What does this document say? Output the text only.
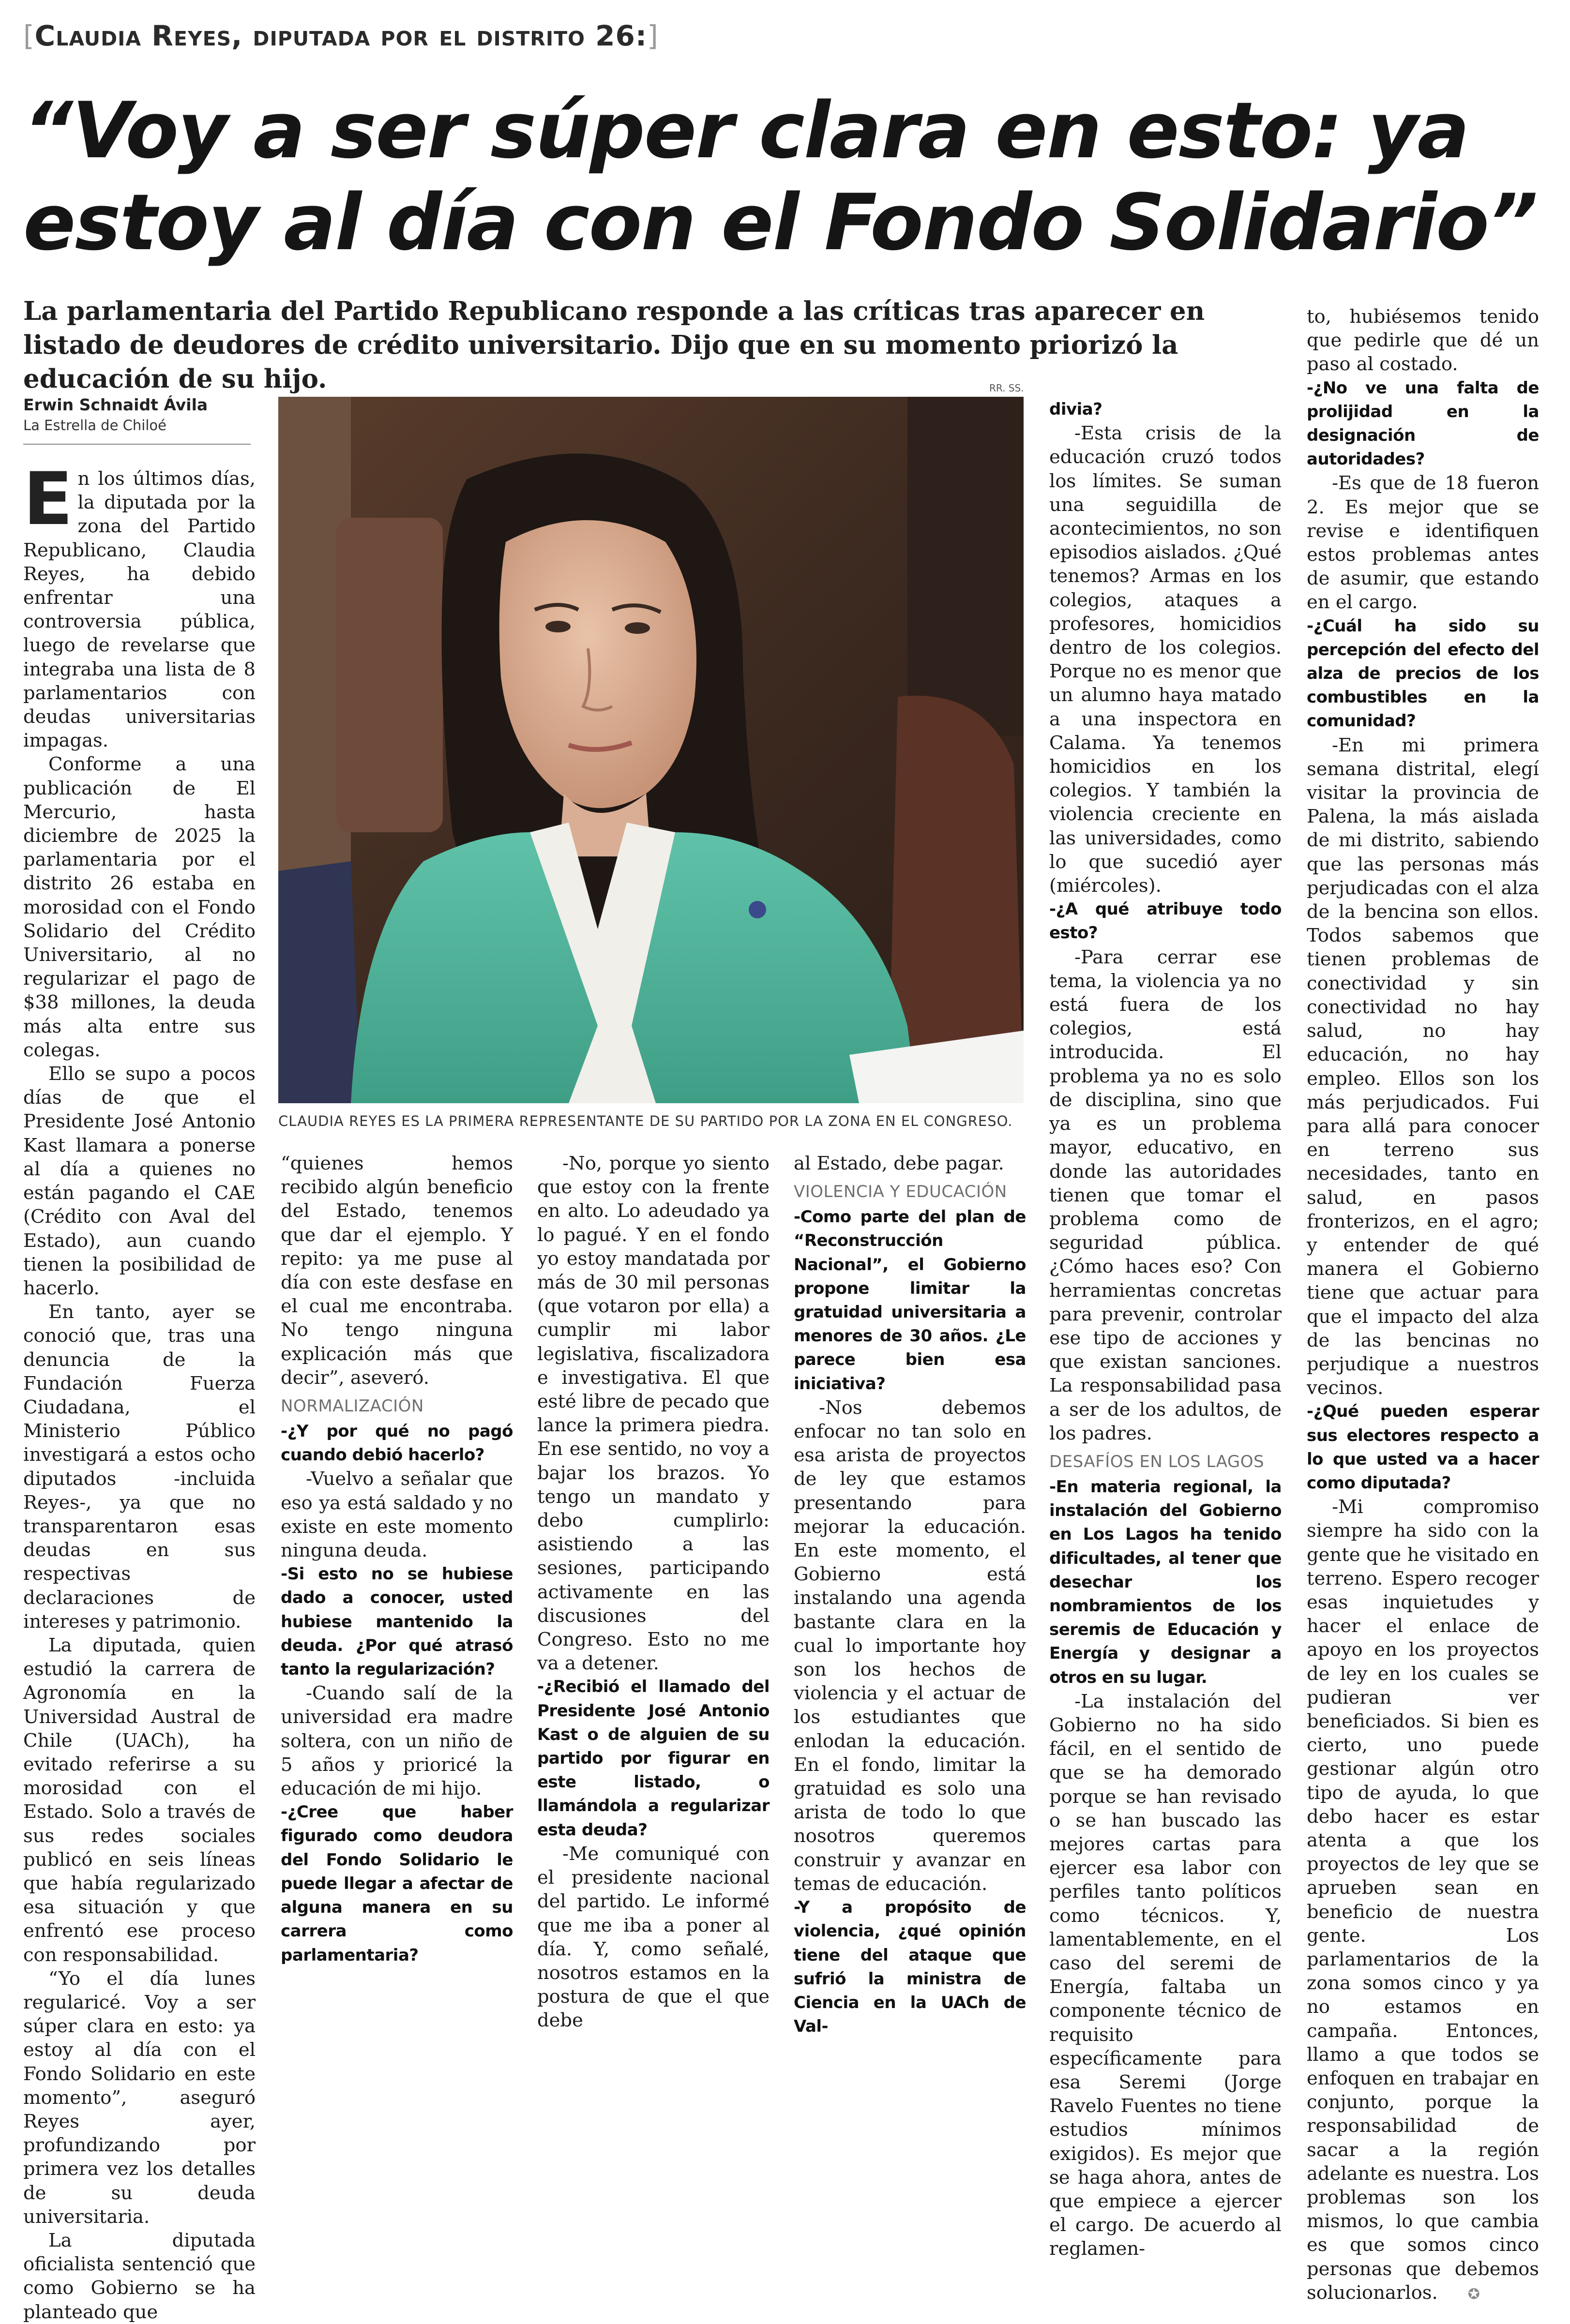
[Claudia Reyes, diputada por el distrito 26:]
“Voy a ser súper clara en esto: ya estoy al día con el Fondo Solidario”

La parlamentaria del Partido Republicano responde a las críticas tras aparecer en listado de deudores de crédito universitario. Dijo que en su momento priorizó la educación de su hijo.

Erwin Schnaidt Ávila
La Estrella de Chiloé
RR. SS.
CLAUDIA REYES ES LA PRIMERA REPRESENTANTE DE SU PARTIDO POR LA ZONA EN EL CONGRESO.

En los últimos días, la diputada por la zona del Partido Republicano, Claudia Reyes, ha debido enfrentar una controversia pública, luego de revelarse que integraba una lista de 8 parlamentarios con deudas universitarias impagas.

Conforme a una publicación de El Mercurio, hasta diciembre de 2025 la parlamentaria por el distrito 26 estaba en morosidad con el Fondo Solidario del Crédito Universitario, al no regularizar el pago de $38 millones, la deuda más alta entre sus colegas.

Ello se supo a pocos días de que el Presidente José Antonio Kast llamara a ponerse al día a quienes no están pagando el CAE (Crédito con Aval del Estado), aun cuando tienen la posibilidad de hacerlo.

En tanto, ayer se conoció que, tras una denuncia de la Fundación Fuerza Ciudadana, el Ministerio Público investigará a estos ocho diputados -incluida Reyes-, ya que no transparentaron esas deudas en sus respectivas declaraciones de intereses y patrimonio.

La diputada, quien estudió la carrera de Agronomía en la Universidad Austral de Chile (UACh), ha evitado referirse a su morosidad con el Estado. Solo a través de sus redes sociales publicó en seis líneas que había regularizado esa situación y que enfrentó ese proceso con responsabilidad.

“Yo el día lunes regularicé. Voy a ser súper clara en esto: ya estoy al día con el Fondo Solidario en este momento”, aseguró Reyes ayer, profundizando por primera vez los detalles de su deuda universitaria.

La diputada oficialista sentenció que como Gobierno se ha planteado que

“quienes hemos recibido algún beneficio del Estado, tenemos que dar el ejemplo. Y repito: ya me puse al día con este desfase en el cual me encontraba. No tengo ninguna explicación más que decir”, aseveró.

NORMALIZACIÓN

-¿Y por qué no pagó cuando debió hacerlo?

-Vuelvo a señalar que eso ya está saldado y no existe en este momento ninguna deuda.

-Si esto no se hubiese dado a conocer, usted hubiese mantenido la deuda. ¿Por qué atrasó tanto la regularización?

-Cuando salí de la universidad era madre soltera, con un niño de 5 años y prioricé la educación de mi hijo.

-¿Cree que haber figurado como deudora del Fondo Solidario le puede llegar a afectar de alguna manera en su carrera como parlamentaria?

-No, porque yo siento que estoy con la frente en alto. Lo adeudado ya lo pagué. Y en el fondo yo estoy mandatada por más de 30 mil personas (que votaron por ella) a cumplir mi labor legislativa, fiscalizadora e investigativa. El que esté libre de pecado que lance la primera piedra. En ese sentido, no voy a bajar los brazos. Yo tengo un mandato y debo cumplirlo: asistiendo a las sesiones, participando activamente en las discusiones del Congreso. Esto no me va a detener.

-¿Recibió el llamado del Presidente José Antonio Kast o de alguien de su partido por figurar en este listado, o llamándola a regularizar esta deuda?

-Me comuniqué con el presidente nacional del partido. Le informé que me iba a poner al día. Y, como señalé, nosotros estamos en la postura de que el que debe

al Estado, debe pagar.

VIOLENCIA Y EDUCACIÓN

-Como parte del plan de “Reconstrucción Nacional”, el Gobierno propone limitar la gratuidad universitaria a menores de 30 años. ¿Le parece bien esa iniciativa?

-Nos debemos enfocar no tan solo en esa arista de proyectos de ley que estamos presentando para mejorar la educación. En este momento, el Gobierno está instalando una agenda bastante clara en la cual lo importante hoy son los hechos de violencia y el actuar de los estudiantes que enlodan la educación. En el fondo, limitar la gratuidad es solo una arista de todo lo que nosotros queremos construir y avanzar en temas de educación.

-Y a propósito de violencia, ¿qué opinión tiene del ataque que sufrió la ministra de Ciencia en la UACh de Val-

divia?

-Esta crisis de la educación cruzó todos los límites. Se suman una seguidilla de acontecimientos, no son episodios aislados. ¿Qué tenemos? Armas en los colegios, ataques a profesores, homicidios dentro de los colegios. Porque no es menor que un alumno haya matado a una inspectora en Calama. Ya tenemos homicidios en los colegios. Y también la violencia creciente en las universidades, como lo que sucedió ayer (miércoles).

-¿A qué atribuye todo esto?

-Para cerrar ese tema, la violencia ya no está fuera de los colegios, está introducida. El problema ya no es solo de disciplina, sino que ya es un problema mayor, educativo, en donde las autoridades tienen que tomar el problema como de seguridad pública. ¿Cómo haces eso? Con herramientas concretas para prevenir, controlar ese tipo de acciones y que existan sanciones. La responsabilidad pasa a ser de los adultos, de los padres.

DESAFÍOS EN LOS LAGOS

-En materia regional, la instalación del Gobierno en Los Lagos ha tenido dificultades, al tener que desechar los nombramientos de los seremis de Educación y Energía y designar a otros en su lugar.

-La instalación del Gobierno no ha sido fácil, en el sentido de que se ha demorado porque se han revisado o se han buscado las mejores cartas para ejercer esa labor con perfiles tanto políticos como técnicos. Y, lamentablemente, en el caso del seremi de Energía, faltaba un componente técnico de requisito específicamente para esa Seremi (Jorge Ravelo Fuentes no tiene estudios mínimos exigidos). Es mejor que se haga ahora, antes de que empiece a ejercer el cargo. De acuerdo al reglamen-

to, hubiésemos tenido que pedirle que dé un paso al costado.

-¿No ve una falta de prolijidad en la designación de autoridades?

-Es que de 18 fueron 2. Es mejor que se revise e identifiquen estos problemas antes de asumir, que estando en el cargo.

-¿Cuál ha sido su percepción del efecto del alza de precios de los combustibles en la comunidad?

-En mi primera semana distrital, elegí visitar la provincia de Palena, la más aislada de mi distrito, sabiendo que las personas más perjudicadas con el alza de la bencina son ellos. Todos sabemos que tienen problemas de conectividad y sin conectividad no hay salud, no hay educación, no hay empleo. Ellos son los más perjudicados. Fui para allá para conocer en terreno sus necesidades, tanto en salud, en pasos fronterizos, en el agro; y entender de qué manera el Gobierno tiene que actuar para que el impacto del alza de las bencinas no perjudique a nuestros vecinos.

-¿Qué pueden esperar sus electores respecto a lo que usted va a hacer como diputada?

-Mi compromiso siempre ha sido con la gente que he visitado en terreno. Espero recoger esas inquietudes y hacer el enlace de apoyo en los proyectos de ley en los cuales se pudieran ver beneficiados. Si bien es cierto, uno puede gestionar algún otro tipo de ayuda, lo que debo hacer es estar atenta a que los proyectos de ley que se aprueben sean en beneficio de nuestra gente. Los parlamentarios de la zona somos cinco y ya no estamos en campaña. Entonces, llamo a que todos se enfoquen en trabajar en conjunto, porque la responsabilidad de sacar a la región adelante es nuestra. Los problemas son los mismos, lo que cambia es que somos cinco personas que debemos solucionarlos. ✪
